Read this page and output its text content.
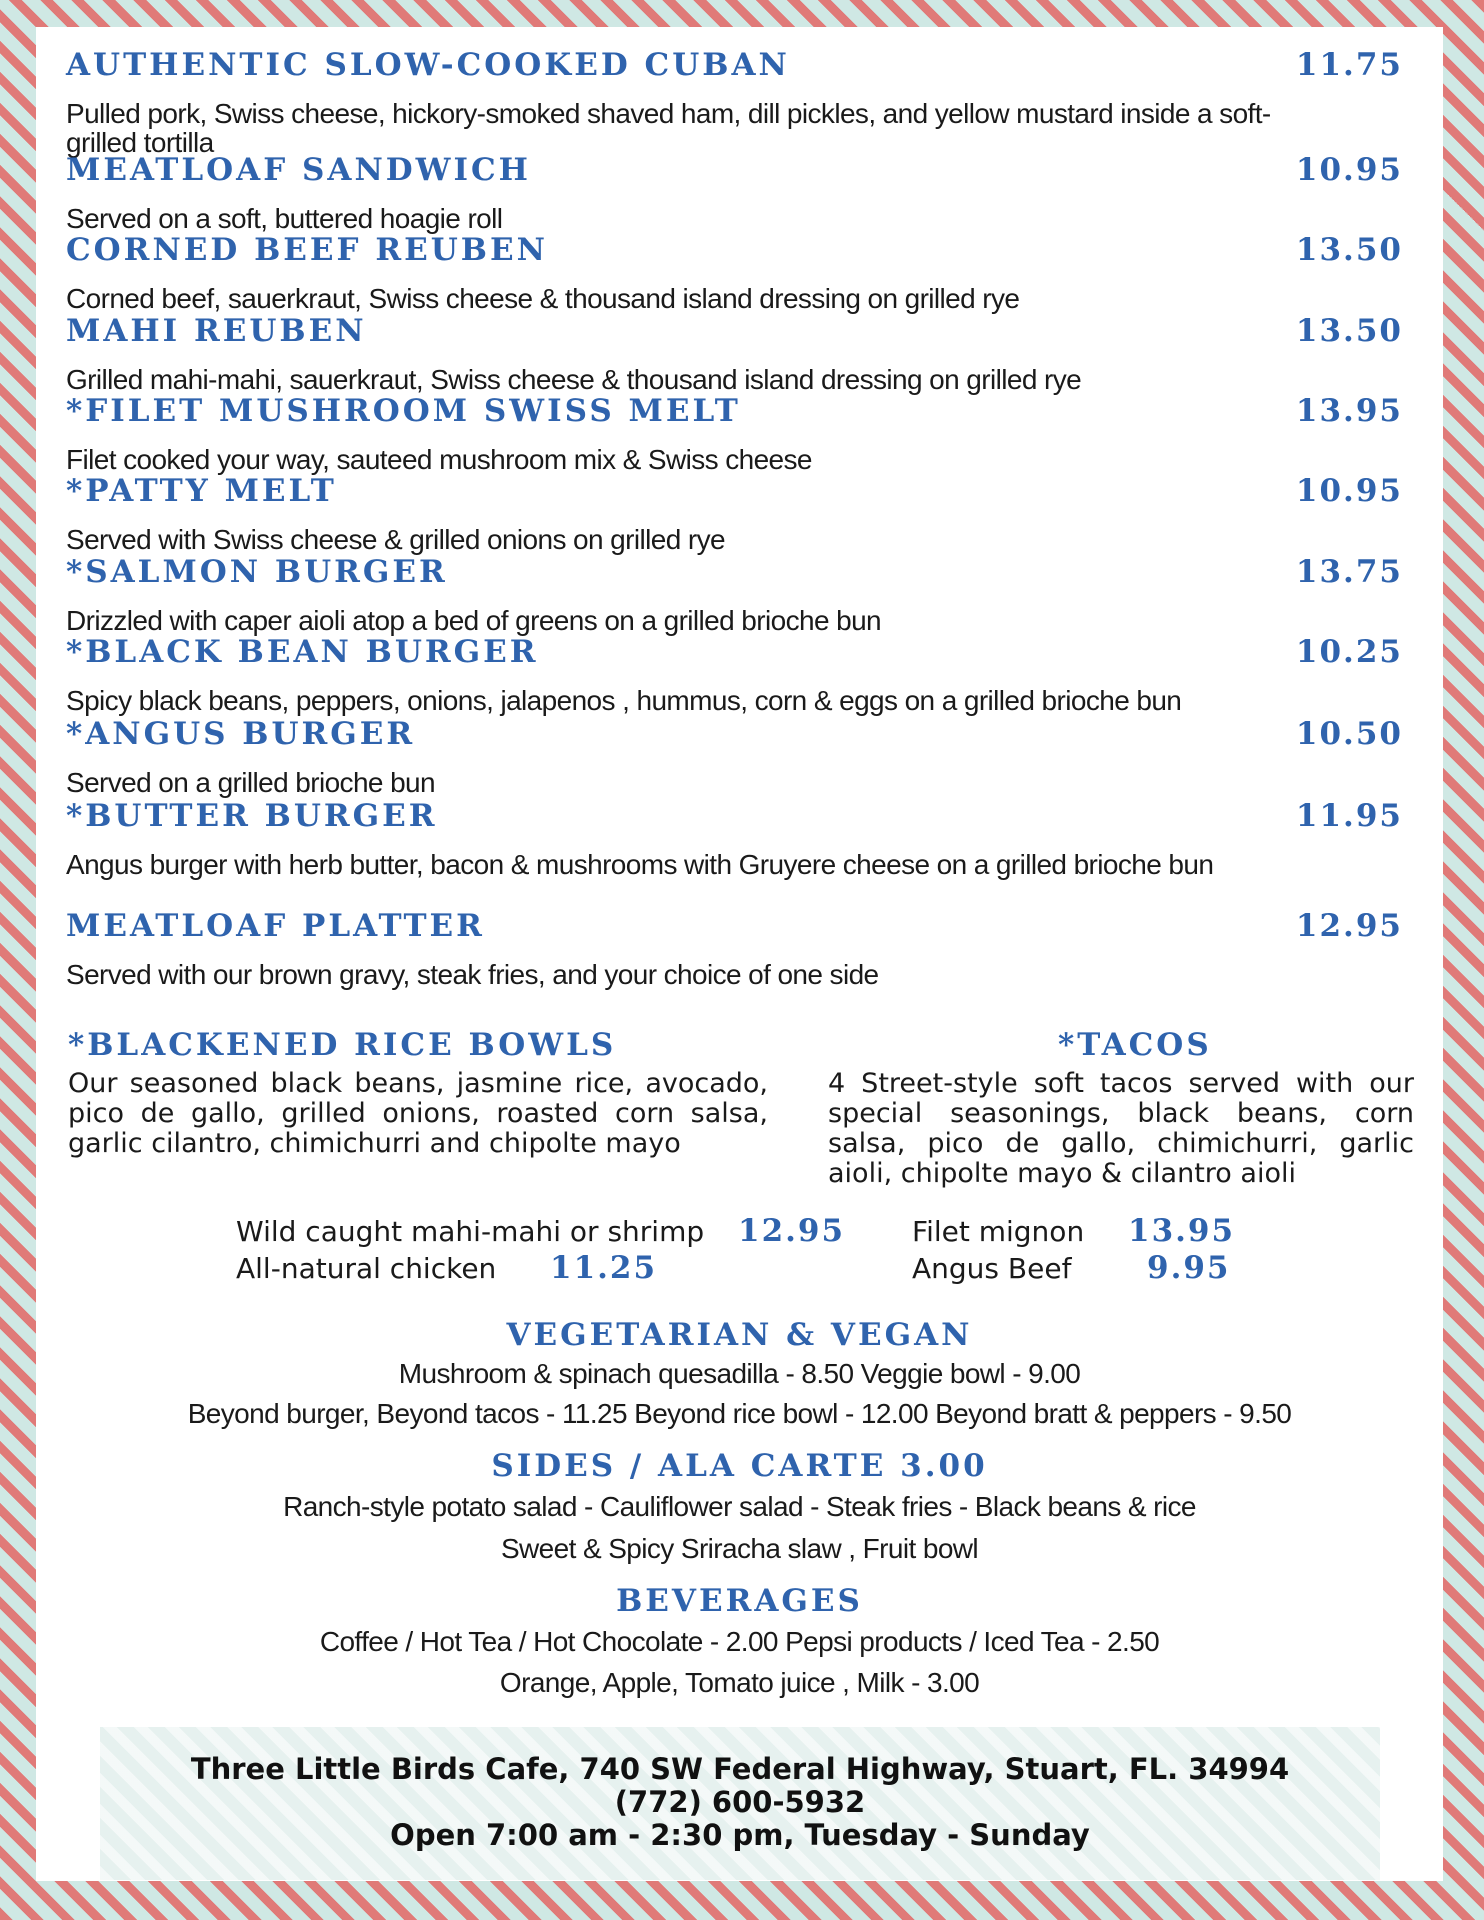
AUTHENTIC SLOW-COOKED CUBAN	11.75
Pulled pork, Swiss cheese, hickory-smoked shaved ham, dill pickles, and yellow mustard inside a soft-grilled tortilla
MEATLOAF SANDWICH	10.95
Served on a soft, buttered hoagie roll
CORNED BEEF REUBEN	13.50
Corned beef, sauerkraut, Swiss cheese & thousand island dressing on grilled rye
MAHI REUBEN	13.50
Grilled mahi-mahi, sauerkraut, Swiss cheese & thousand island dressing on grilled rye
*FILET MUSHROOM SWISS MELT	13.95
Filet cooked your way, sauteed mushroom mix & Swiss cheese
*PATTY MELT	10.95
Served with Swiss cheese & grilled onions on grilled rye
*SALMON BURGER	13.75
Drizzled with caper aioli atop a bed of greens on a grilled brioche bun
*BLACK BEAN BURGER	10.25
Spicy black beans, peppers, onions, jalapenos , hummus, corn & eggs on a grilled brioche bun
*ANGUS BURGER	10.50
Served on a grilled brioche bun
*BUTTER BURGER	11.95
Angus burger with herb butter, bacon & mushrooms with Gruyere cheese on a grilled brioche bun
MEATLOAF PLATTER	12.95
Served with our brown gravy, steak fries, and your choice of one side
*BLACKENED RICE BOWLS
Our seasoned black beans, jasmine rice, avocado, pico de gallo, grilled onions, roasted corn salsa, garlic cilantro, chimichurri and chipolte mayo
*TACOS
4 Street-style soft tacos served with our special seasonings, black beans, corn salsa, pico de gallo, chimichurri, garlic aioli, chipolte mayo & cilantro aioli
Wild caught mahi-mahi or shrimp 12.95
All-natural chicken 11.25
Filet mignon 13.95
Angus Beef 9.95
VEGETARIAN & VEGAN
Mushroom & spinach quesadilla - 8.50 Veggie bowl - 9.00
Beyond burger, Beyond tacos - 11.25 Beyond rice bowl - 12.00 Beyond bratt & peppers - 9.50
SIDES / ALA CARTE 3.00
Ranch-style potato salad - Cauliflower salad - Steak fries - Black beans & rice
Sweet & Spicy Sriracha slaw , Fruit bowl
BEVERAGES
Coffee / Hot Tea / Hot Chocolate - 2.00 Pepsi products / Iced Tea - 2.50
Orange, Apple, Tomato juice , Milk - 3.00
Three Little Birds Cafe, 740 SW Federal Highway, Stuart, FL. 34994
(772) 600-5932
Open 7:00 am - 2:30 pm, Tuesday - Sunday
